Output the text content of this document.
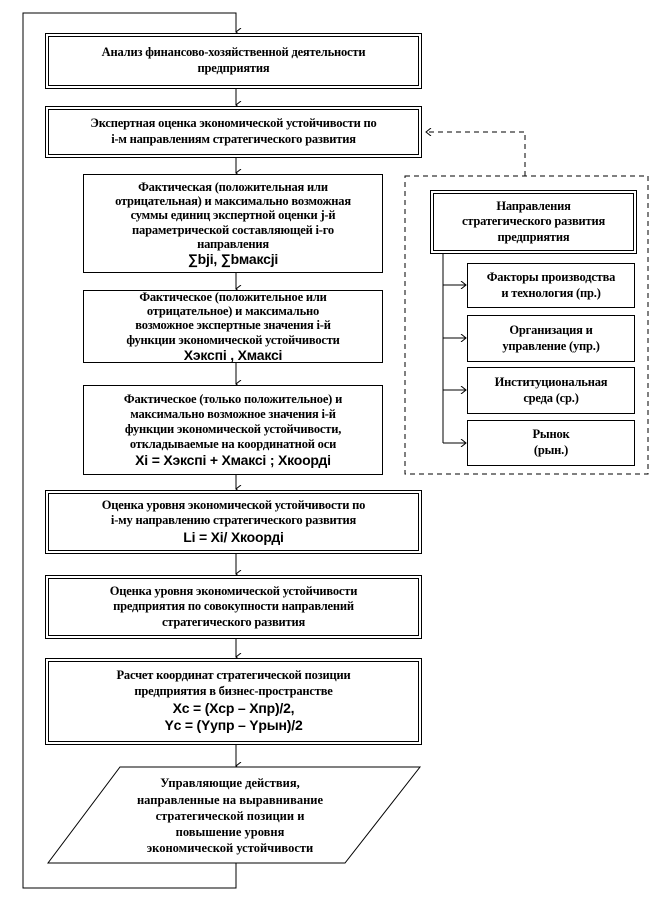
Анализ финансово-хозяйственной деятельности
предприятия
Экспертная оценка экономической устойчивости по
i-м направлениям стратегического развития
Фактическая (положительная или
отрицательная) и максимально возможная
суммы единиц экспертной оценки j-й
параметрической составляющей i-го
направления
∑bji, ∑bмаксji
Фактическое (положительное или
отрицательное) и максимально
возможное экспертные значения i-й
функции экономической устойчивости
Xэкспi , Xмаксi
Фактическое (только положительное) и
максимально возможное значения i-й
функции экономической устойчивости,
откладываемые на координатной оси
Xi = Xэкспi + Xмаксi ; Xкоордi
Оценка уровня экономической устойчивости по
i-му направлению стратегического развития
Li = Xi/ Xкоордi
Оценка уровня экономической устойчивости
предприятия по совокупности направлений
стратегического развития
Расчет координат стратегической позиции
предприятия в бизнес-пространстве
Xc = (Xср – Xпр)/2,
Yc = (Yупр – Yрын)/2
Управляющие действия,
направленные на выравнивание
стратегической позиции и
повышение уровня
экономической устойчивости
Направления
стратегического развития
предприятия
Факторы производства
и технология (пр.)
Организация и
управление (упр.)
Институциональная
среда (ср.)
Рынок
(рын.)
